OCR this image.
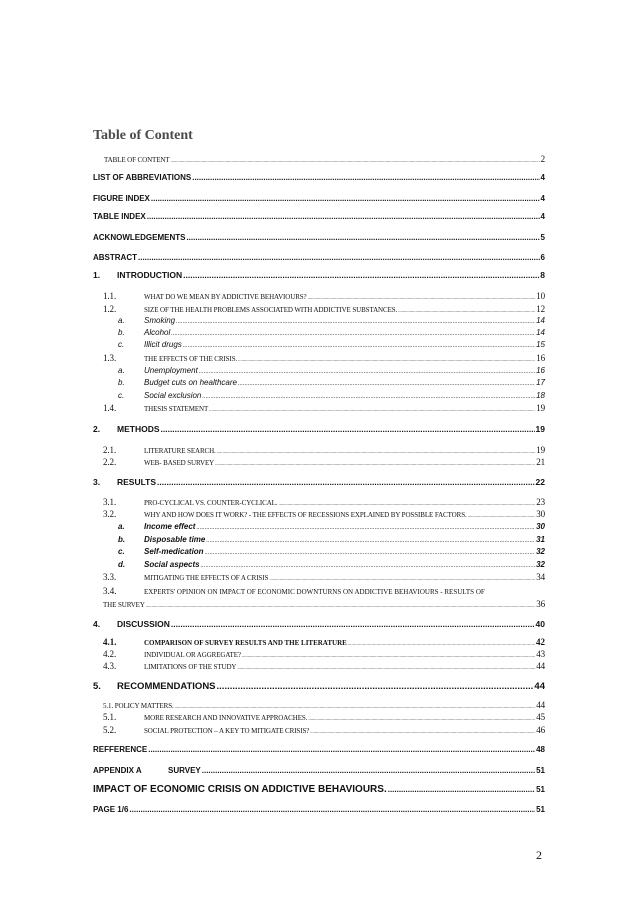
Table of Content
TABLE OF CONTENT .....	2
LIST OF ABBREVIATIONS .....	4
FIGURE INDEX .....	4
TABLE INDEX .....	4
ACKNOWLEDGEMENTS .....	5
ABSTRACT .....	6
1.	INTRODUCTION .....	8
1.1.	WHAT DO WE MEAN BY ADDICTIVE BEHAVIOURS? .....	10
1.2.	SIZE OF THE HEALTH PROBLEMS ASSOCIATED WITH ADDICTIVE SUBSTANCES. .....	12
a.	Smoking .....	14
b.	Alcohol .....	14
c.	Illicit drugs .....	15
1.3.	THE EFFECTS OF THE CRISIS. .....	16
a.	Unemployment .....	16
b.	Budget cuts on healthcare .....	17
c.	Social exclusion .....	18
1.4.	THESIS STATEMENT .....	19
2.	METHODS .....	19
2.1.	LITERATURE SEARCH. .....	19
2.2.	WEB- BASED SURVEY .....	21
3.	RESULTS .....	22
3.1.	PRO-CYCLICAL VS. COUNTER-CYCLICAL. .....	23
3.2.	WHY AND HOW DOES IT WORK? - THE EFFECTS OF RECESSIONS EXPLAINED BY POSSIBLE FACTORS. .....	30
a.	Income effect .....	30
b.	Disposable time .....	31
c.	Self-medication .....	32
d.	Social aspects .....	32
3.3.	MITIGATING THE EFFECTS OF A CRISIS .....	34
3.4.	EXPERTS' OPINION ON IMPACT OF ECONOMIC DOWNTURNS ON ADDICTIVE BEHAVIOURS - RESULTS OF
THE SURVEY .....	36
4.	DISCUSSION .....	40
4.1.	COMPARISON OF SURVEY RESULTS AND THE LITERATURE .....	42
4.2.	INDIVIDUAL OR AGGREGATE? .....	43
4.3.	LIMITATIONS OF THE STUDY .....	44
5.	RECOMMENDATIONS .....	44
5.1. POLICY MATTERS. .....	44
5.1.	MORE RESEARCH AND INNOVATIVE APPROACHES. .....	45
5.2.	SOCIAL PROTECTION – A KEY TO MITIGATE CRISIS? .....	46
REFFERENCE .....	48
APPENDIX A	SURVEY .....	51
IMPACT OF ECONOMIC CRISIS ON ADDICTIVE BEHAVIOURS. .....	51
PAGE 1/6 .....	51
2
